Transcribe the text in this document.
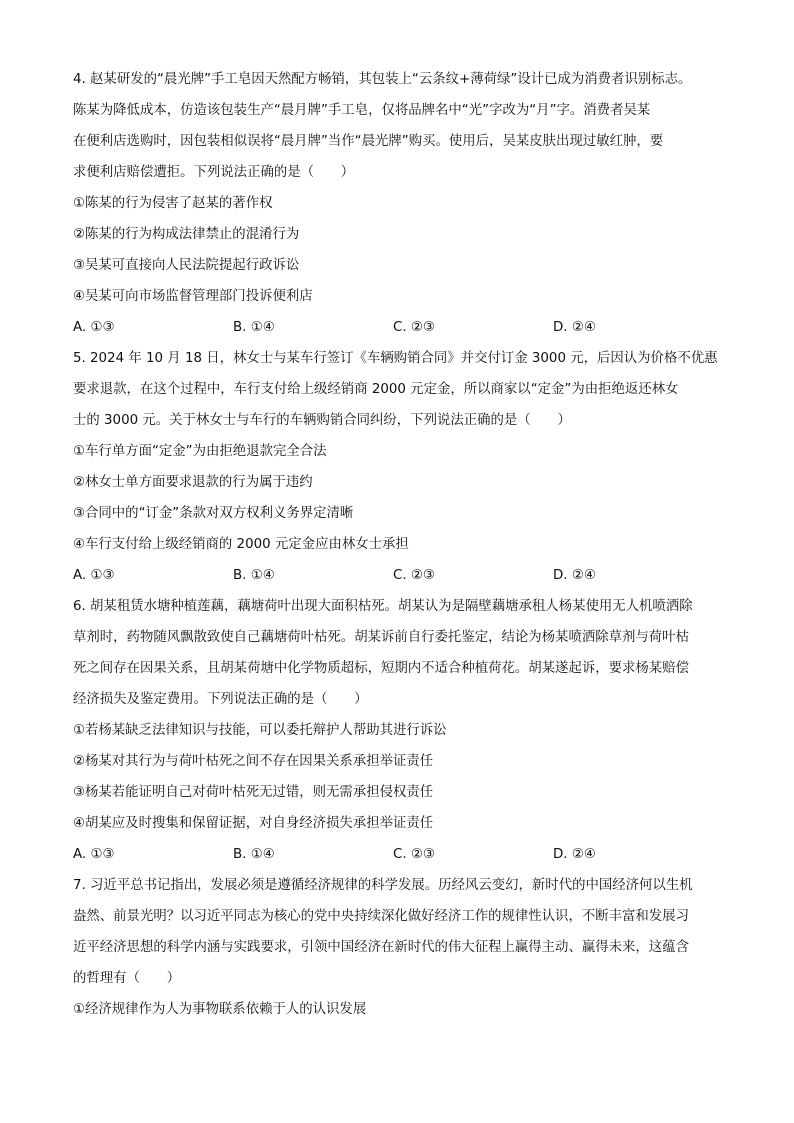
4. 赵某研发的“晨光牌”手工皂因天然配方畅销，其包装上“云条纹+薄荷绿”设计已成为消费者识别标志。

陈某为降低成本，仿造该包装生产“晨月牌”手工皂，仅将品牌名中“光”字改为“月”字。消费者吴某

在便利店选购时，因包装相似误将“晨月牌”当作“晨光牌”购买。使用后，吴某皮肤出现过敏红肿，要

求便利店赔偿遭拒。下列说法正确的是（　　）

①陈某的行为侵害了赵某的著作权

②陈某的行为构成法律禁止的混淆行为

③吴某可直接向人民法院提起行政诉讼

④吴某可向市场监督管理部门投诉便利店

A. ①③	B. ①④	C. ②③	D. ②④

5. 2024 年 10 月 18 日，林女士与某车行签订《车辆购销合同》并交付订金 3000 元，后因认为价格不优惠

要求退款，在这个过程中，车行支付给上级经销商 2000 元定金，所以商家以“定金”为由拒绝返还林女

士的 3000 元。关于林女士与车行的车辆购销合同纠纷，下列说法正确的是（　　）

①车行单方面“定金”为由拒绝退款完全合法

②林女士单方面要求退款的行为属于违约

③合同中的“订金”条款对双方权利义务界定清晰

④车行支付给上级经销商的 2000 元定金应由林女士承担

A. ①③	B. ①④	C. ②③	D. ②④

6. 胡某租赁水塘种植莲藕，藕塘荷叶出现大面积枯死。胡某认为是隔壁藕塘承租人杨某使用无人机喷洒除

草剂时，药物随风飘散致使自己藕塘荷叶枯死。胡某诉前自行委托鉴定，结论为杨某喷洒除草剂与荷叶枯

死之间存在因果关系，且胡某荷塘中化学物质超标，短期内不适合种植荷花。胡某遂起诉，要求杨某赔偿

经济损失及鉴定费用。下列说法正确的是（　　）

①若杨某缺乏法律知识与技能，可以委托辩护人帮助其进行诉讼

②杨某对其行为与荷叶枯死之间不存在因果关系承担举证责任

③杨某若能证明自己对荷叶枯死无过错，则无需承担侵权责任

④胡某应及时搜集和保留证据，对自身经济损失承担举证责任

A. ①③	B. ①④	C. ②③	D. ②④

7. 习近平总书记指出，发展必须是遵循经济规律的科学发展。历经风云变幻，新时代的中国经济何以生机

盎然、前景光明？以习近平同志为核心的党中央持续深化做好经济工作的规律性认识，不断丰富和发展习

近平经济思想的科学内涵与实践要求，引领中国经济在新时代的伟大征程上赢得主动、赢得未来，这蕴含

的哲理有（　　）

①经济规律作为人为事物联系依赖于人的认识发展
